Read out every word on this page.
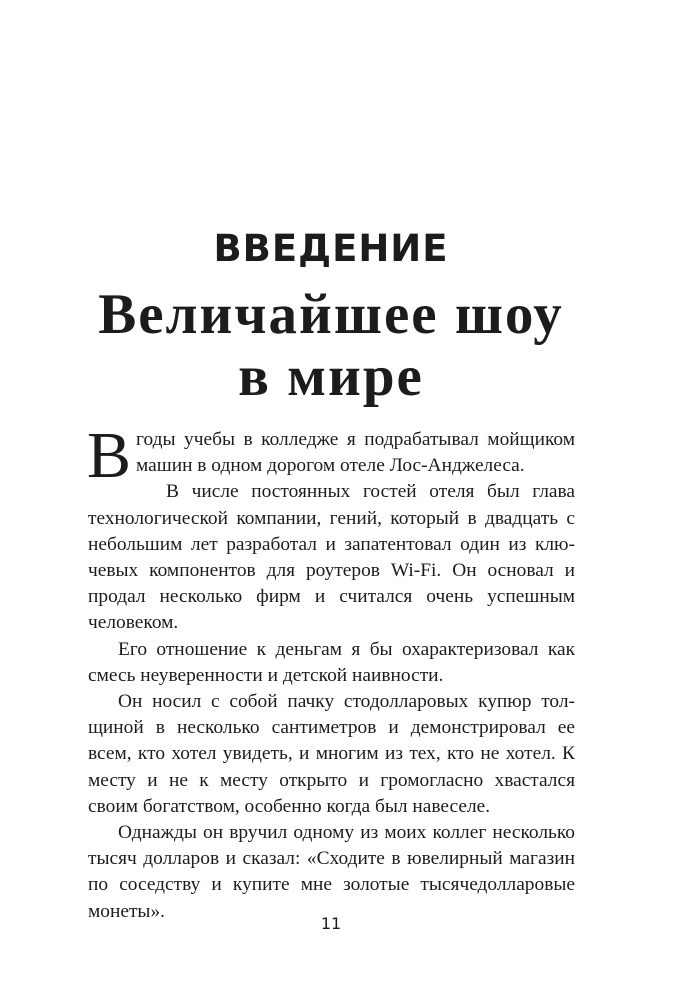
ВВЕДЕНИЕ
Величайшее шоу
в мире

Вгоды учебы в колледже я подрабатывал мойщиком машин в одном дорогом отеле Лос-Анджелеса.

В числе постоянных гостей отеля был глава технологической компании, гений, который в двадцать с небольшим лет разработал и запатентовал один из ключевых компонентов для роутеров Wi-Fi. Он основал и продал несколько фирм и считался очень успешным человеком.

Его отношение к деньгам я бы охарактеризовал как смесь неуверенности и детской наивности.

Он носил с собой пачку стодолларовых купюр толщиной в несколько сантиметров и демонстрировал ее всем, кто хотел увидеть, и многим из тех, кто не хотел. К месту и не к месту открыто и громогласно хвастался своим богатством, особенно когда был навеселе.

Однажды он вручил одному из моих коллег несколько тысяч долларов и сказал: «Сходите в ювелирный магазин по соседству и купите мне золотые тысячедолларовые монеты».

11
